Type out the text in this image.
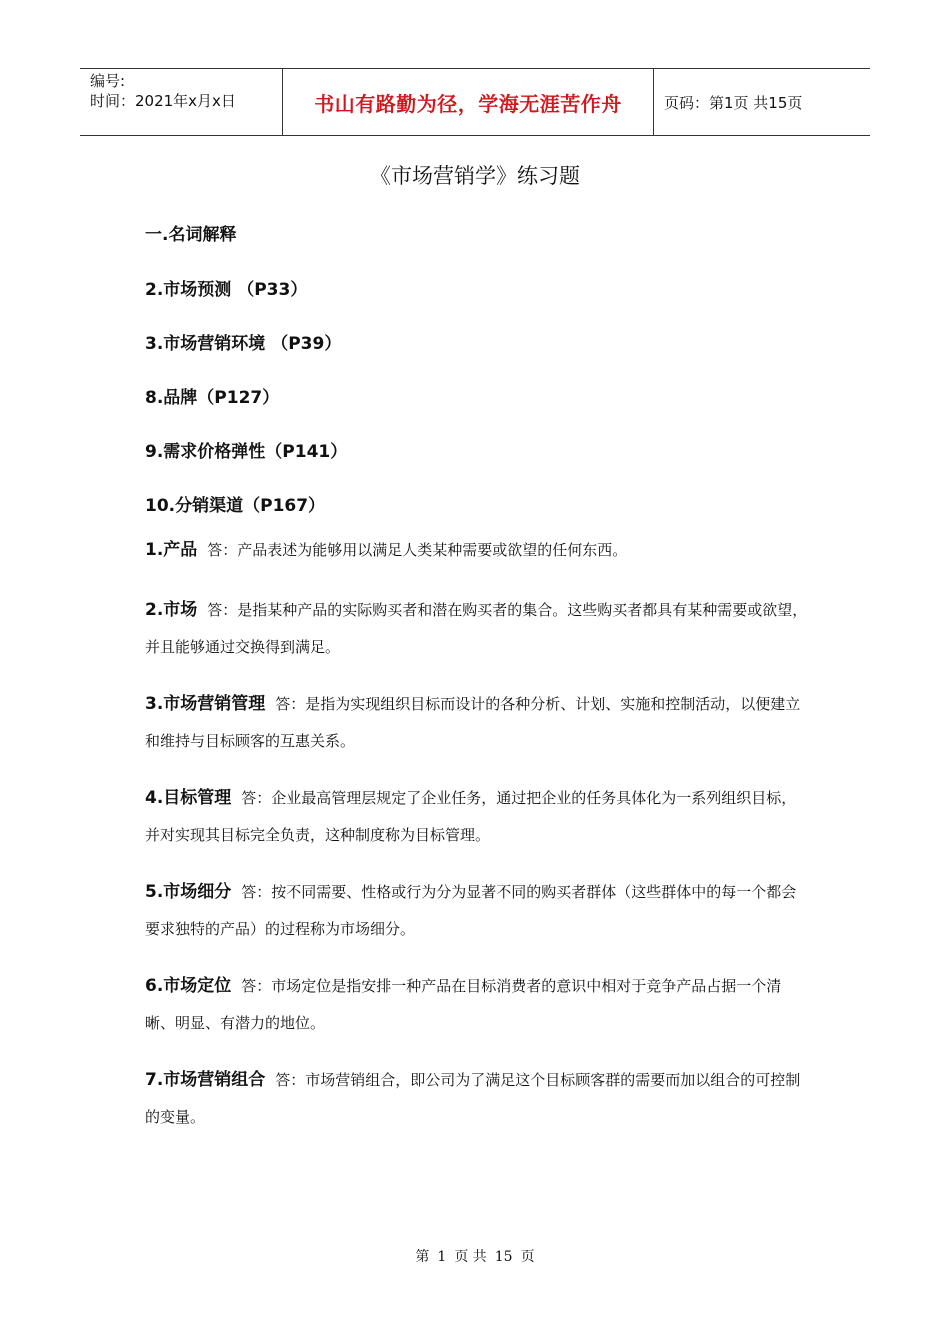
编号:
时间：2021年x月x日	书山有路勤为径，学海无涯苦作舟	页码：第1页 共15页
《市场营销学》练习题
一.名词解释
2.市场预测 （P33）
3.市场营销环境 （P39）
8.品牌（P127）
9.需求价格弹性（P141）
10.分销渠道（P167）
1.产品 答：产品表述为能够用以满足人类某种需要或欲望的任何东西。
2.市场 答：是指某种产品的实际购买者和潜在购买者的集合。这些购买者都具有某种需要或欲望，并且能够通过交换得到满足。
3.市场营销管理 答：是指为实现组织目标而设计的各种分析、计划、实施和控制活动，以便建立和维持与目标顾客的互惠关系。
4.目标管理 答：企业最高管理层规定了企业任务，通过把企业的任务具体化为一系列组织目标，并对实现其目标完全负责，这种制度称为目标管理。
5.市场细分 答：按不同需要、性格或行为分为显著不同的购买者群体（这些群体中的每一个都会要求独特的产品）的过程称为市场细分。
6.市场定位 答：市场定位是指安排一种产品在目标消费者的意识中相对于竞争产品占据一个清晰、明显、有潜力的地位。
7.市场营销组合 答：市场营销组合，即公司为了满足这个目标顾客群的需要而加以组合的可控制的变量。
第 1 页 共 15 页
